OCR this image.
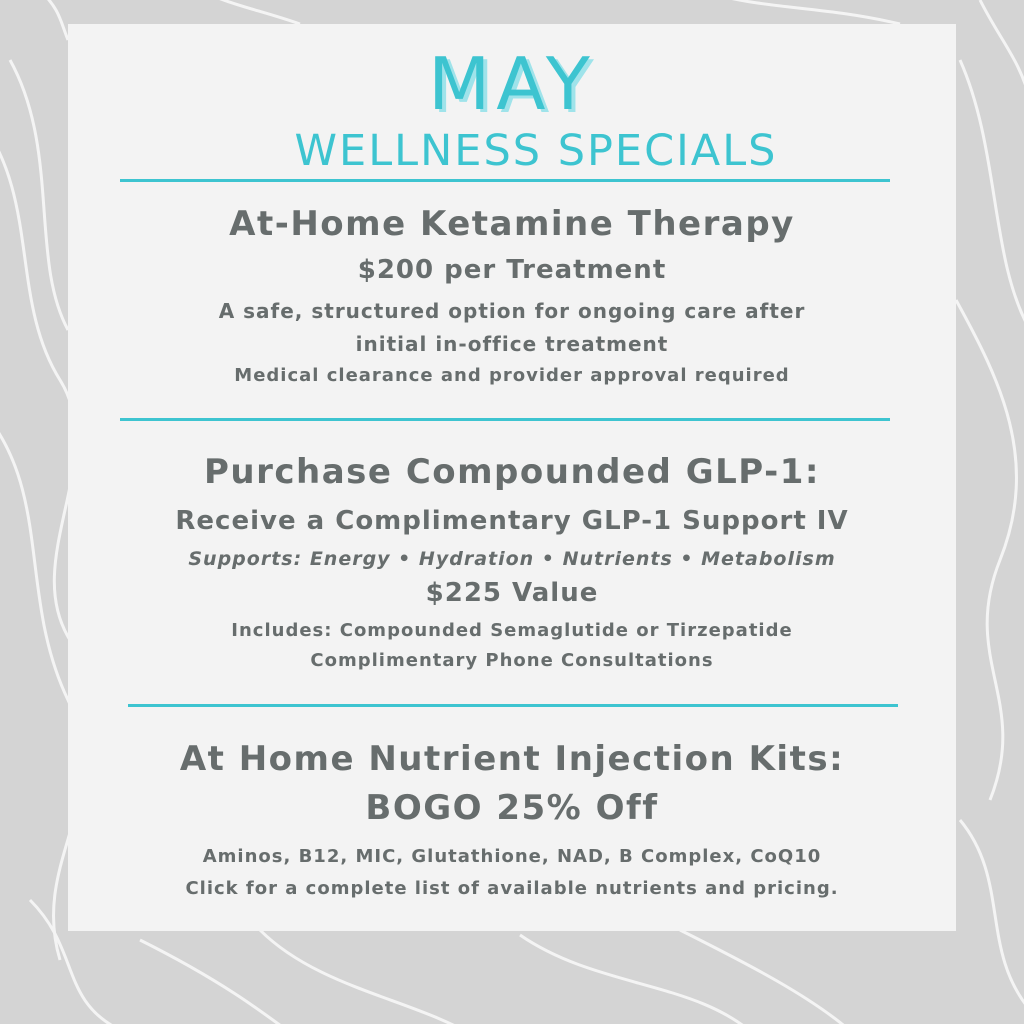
MAY
WELLNESS SPECIALS
At-Home Ketamine Therapy
$200 per Treatment
A safe, structured option for ongoing care after
initial in-office treatment
Medical clearance and provider approval required
Purchase Compounded GLP-1:
Receive a Complimentary GLP-1 Support IV
Supports: Energy • Hydration • Nutrients • Metabolism
$225 Value
Includes: Compounded Semaglutide or Tirzepatide
Complimentary Phone Consultations
At Home Nutrient Injection Kits:
BOGO 25% Off
Aminos, B12, MIC, Glutathione, NAD, B Complex, CoQ10
Click for a complete list of available nutrients and pricing.
